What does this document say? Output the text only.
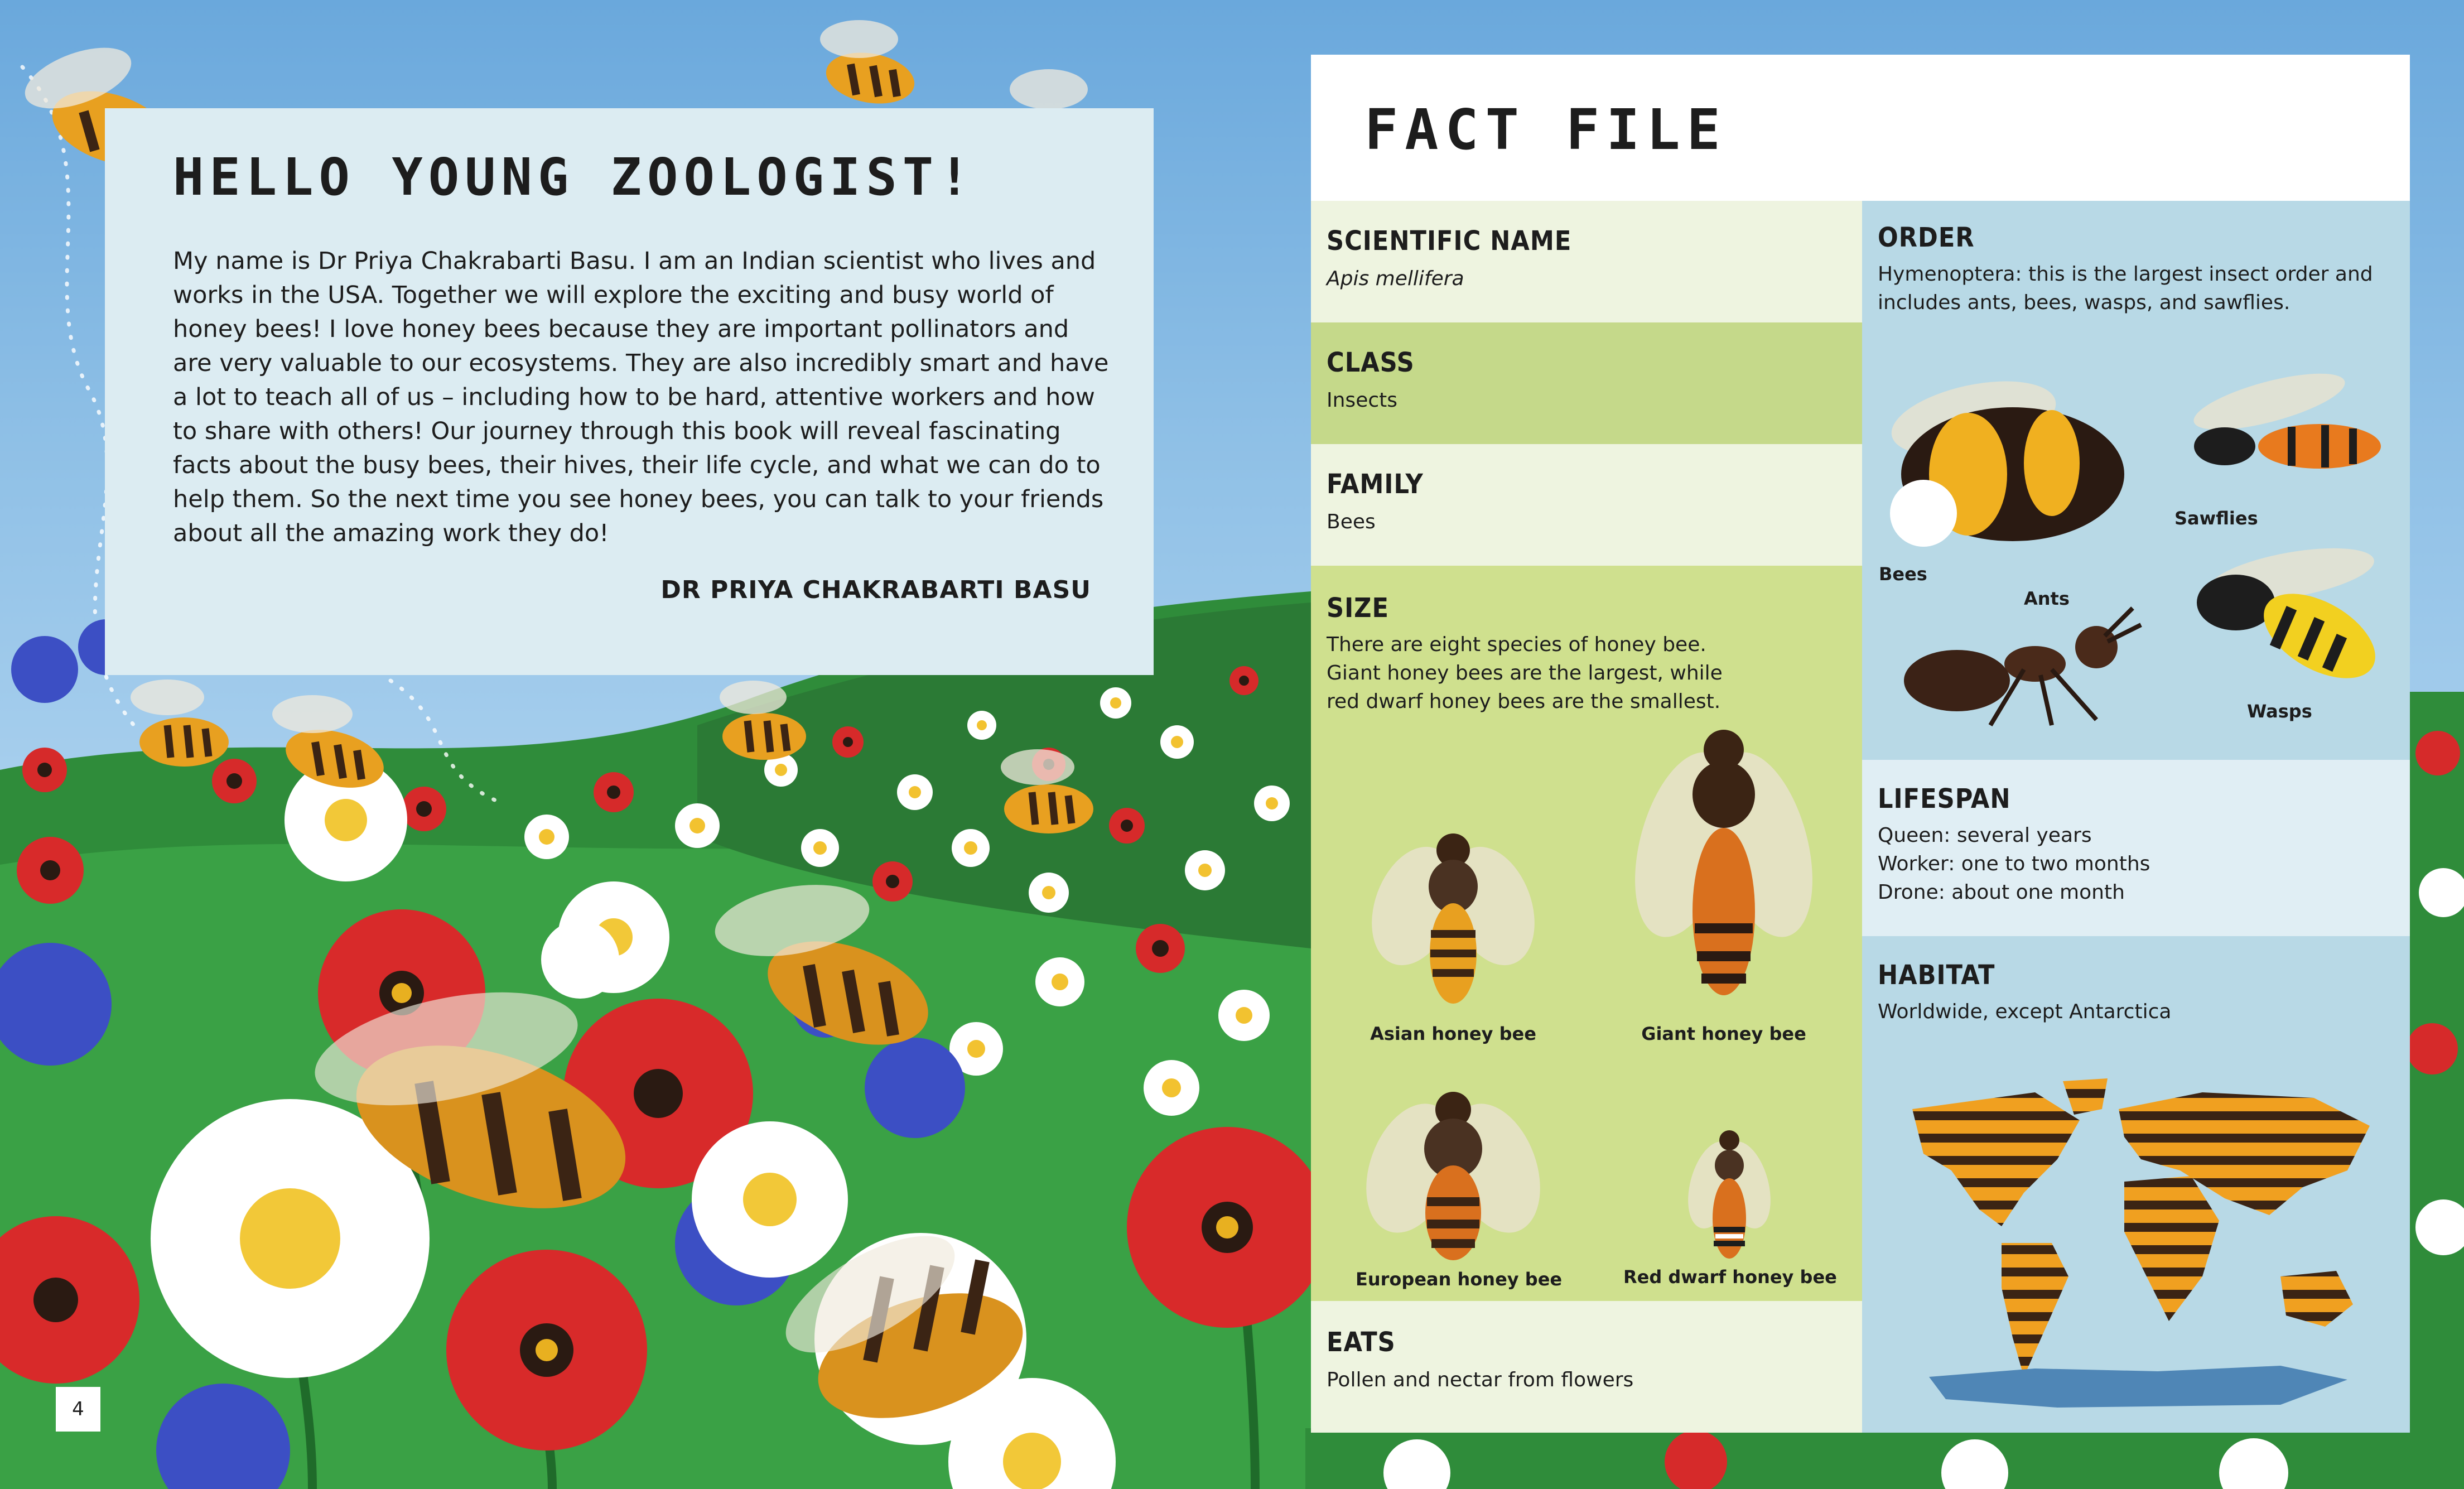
HELLO YOUNG ZOOLOGIST!

My name is Dr Priya Chakrabarti Basu. I am an Indian scientist who lives and works in the USA. Together we will explore the exciting and busy world of honey bees! I love honey bees because they are important pollinators and are very valuable to our ecosystems. They are also incredibly smart and have a lot to teach all of us – including how to be hard, attentive workers and how to share with others! Our journey through this book will reveal fascinating facts about the busy bees, their hives, their life cycle, and what we can do to help them. So the next time you see honey bees, you can talk to your friends about all the amazing work they do!

DR PRIYA CHAKRABARTI BASU

4
FACT FILE
SCIENTIFIC NAME

Apis mellifera

CLASS

Insects

FAMILY

Bees

SIZE

There are eight species of honey bee. Giant honey bees are the largest, while red dwarf honey bees are the smallest.

Asian honey bee	Giant honey bee
European honey bee	Red dwarf honey bee
EATS

Pollen and nectar from flowers

ORDER

Hymenoptera: this is the largest insect order and includes ants, bees, wasps, and sawflies.

Bees
Sawflies
Ants
Wasps
LIFESPAN

Queen: several years

Worker: one to two months

Drone: about one month

HABITAT

Worldwide, except Antarctica
